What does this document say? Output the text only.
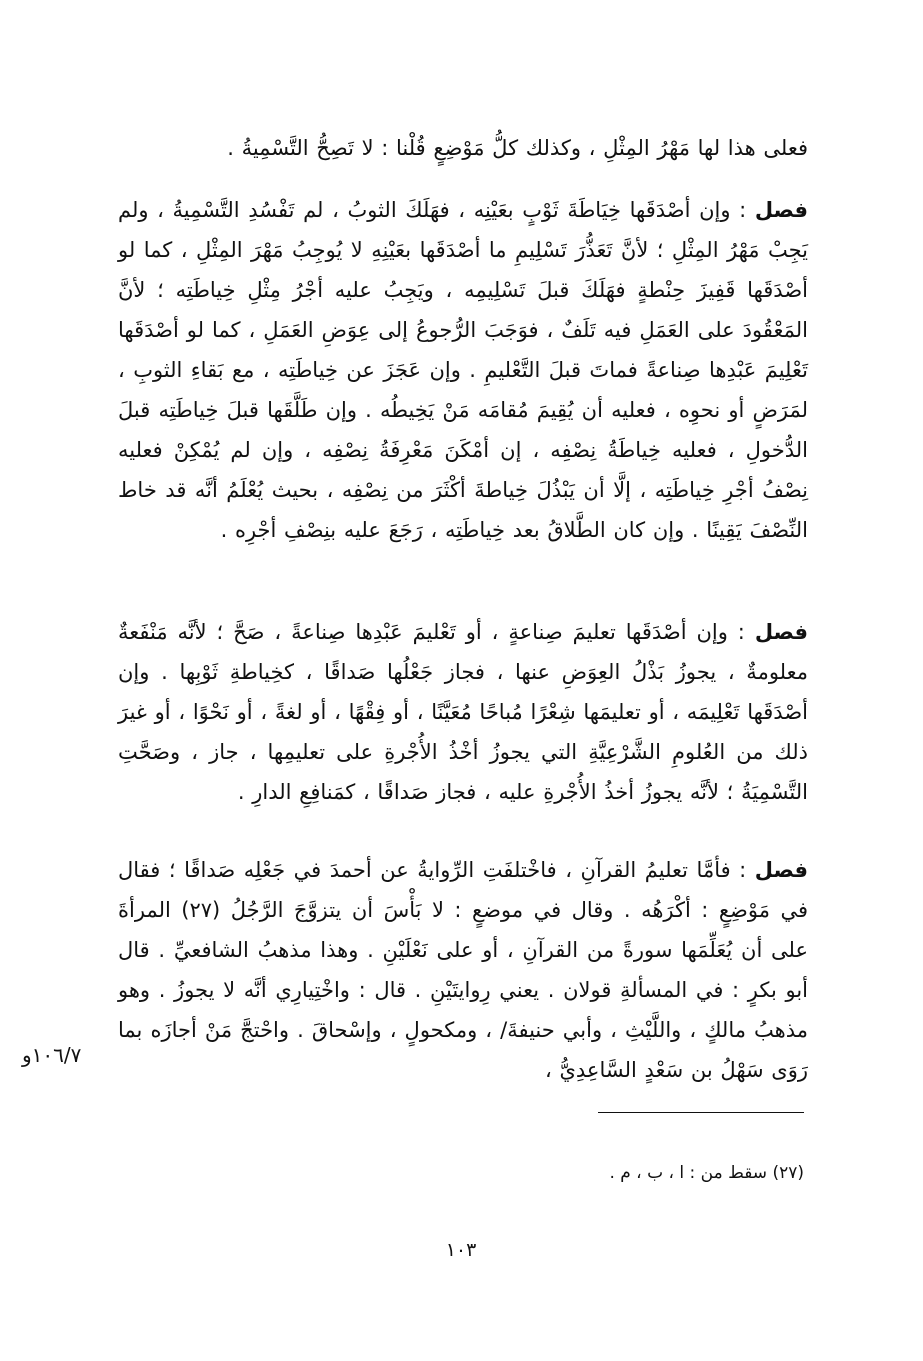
فعلى هذا لها مَهْرُ المِثْلِ ، وكذلك كلُّ مَوْضِعٍ قُلْنا : لا تَصِحُّ التَّسْمِيةُ .
فصل : وإن أصْدَقَها خِيَاطَةَ ثَوْبٍ بعَيْنِه ، فهَلَكَ الثوبُ ، لم تَفْسُدِ التَّسْمِيةُ ، ولم يَجِبْ مَهْرُ المِثْلِ ؛ لأنَّ تَعَذُّرَ تَسْلِيمِ ما أصْدَقَها بعَيْنِهِ لا يُوجِبُ مَهْرَ المِثْلِ ، كما لو أصْدَقَها قَفِيزَ حِنْطةٍ فهَلَكَ قبلَ تَسْلِيمِه ، ويَجِبُ عليه أجْرُ مِثْلِ خِياطَتِه ؛ لأنَّ المَعْقُودَ على العَمَلِ فيه تَلَفٌ ، فوَجَبَ الرُّجوعُ إلى عِوَضِ العَمَلِ ، كما لو أصْدَقَها تَعْلِيمَ عَبْدِها صِناعةً فماتَ قبلَ التَّعْليمِ . وإن عَجَزَ عن خِياطَتِه ، مع بَقاءِ الثوبِ ، لمَرَضٍ أو نحوِه ، فعليه أن يُقِيمَ مُقامَه مَنْ يَخِيطُه . وإن طَلَّقَها قبلَ خِياطَتِه قبلَ الدُّخولِ ، فعليه خِياطَةُ نِصْفِه ، إن أمْكَنَ مَعْرِفَةُ نِصْفِه ، وإن لم يُمْكِنْ فعليه نِصْفُ أجْرِ خِياطَتِه ، إلَّا أن يَبْذُلَ خِياطةَ أكْثَرَ من نِصْفِه ، بحيث يُعْلَمُ أنَّه قد خاط النِّصْفَ يَقِينًا . وإن كان الطَّلاقُ بعد خِياطَتِه ، رَجَعَ عليه بنِصْفِ أجْرِه .
فصل : وإن أصْدَقَها تعليمَ صِناعةٍ ، أو تَعْليمَ عَبْدِها صِناعةً ، صَحَّ ؛ لأنَّه مَنْفَعةٌ معلومةٌ ، يجوزُ بَذْلُ العِوَضِ عنها ، فجاز جَعْلُها صَداقًا ، كخِياطةِ ثَوْبِها . وإن أصْدَقَها تَعْلِيمَه ، أو تعليمَها شِعْرًا مُباحًا مُعَيَّنًا ، أو فِقْهًا ، أو لغةً ، أو نَحْوًا ، أو غيرَ ذلك من العُلومِ الشَّرْعِيَّةِ التي يجوزُ أخْذُ الأُجْرةِ على تعليمِها ، جاز ، وصَحَّتِ التَّسْمِيَةُ ؛ لأنَّه يجوزُ أخذُ الأُجْرةِ عليه ، فجاز صَداقًا ، كمَنافِعِ الدارِ .
فصل : فأمَّا تعليمُ القرآنِ ، فاخْتلفَتِ الرِّوايةُ عن أحمدَ في جَعْلِه صَداقًا ؛ فقال في مَوْضِعٍ : أكْرَهُه . وقال في موضعٍ : لا بَأْسَ أن يتزوَّجَ الرَّجُلُ (٢٧) المرأةَ على أن يُعَلِّمَها سورةً من القرآنِ ، أو على نَعْلَيْنِ . وهذا مذهبُ الشافعيِّ . قال أبو بكرٍ : في المسألةِ قولان . يعني رِوايتَيْنِ . قال : واخْتِيارِي أنَّه لا يجوزُ . وهو مذهبُ مالكٍ ، واللَّيْثِ ، وأبي حنيفةَ/ ، ومكحولٍ ، وإسْحاقَ . واحْتجَّ مَنْ أجازَه بما رَوَى سَهْلُ بن سَعْدٍ السَّاعِدِيُّ ،
١٠٦/٧و
(٢٧) سقط من : ا ، ب ، م .
١٠٣
